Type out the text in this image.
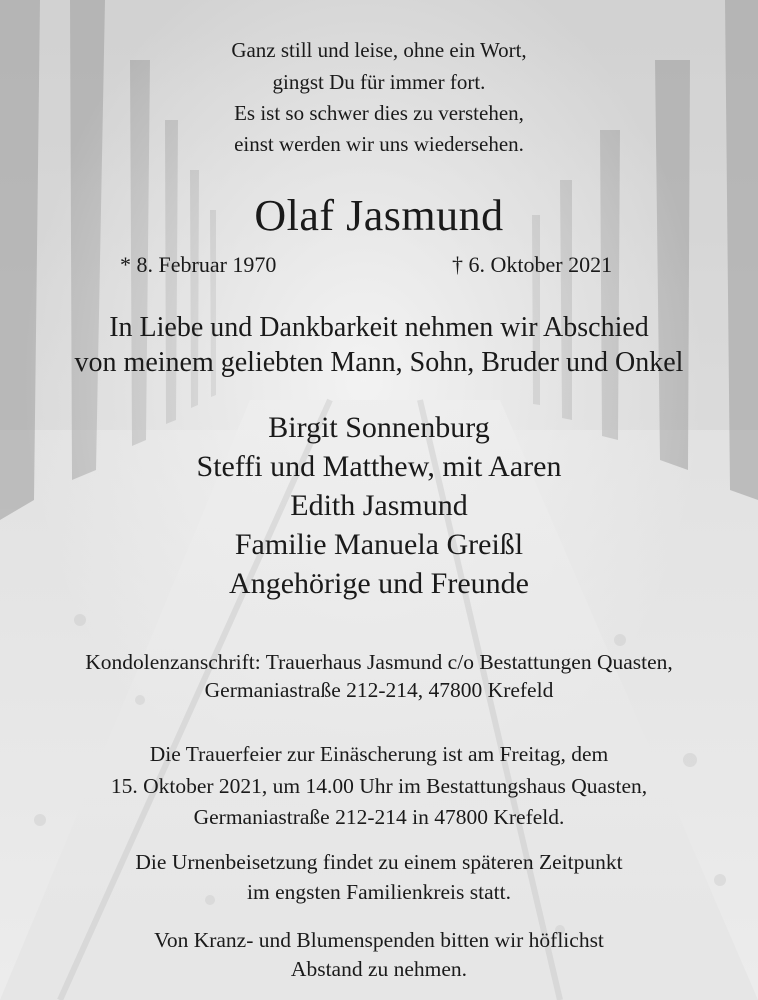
Ganz still und leise, ohne ein Wort,
gingst Du für immer fort.
Es ist so schwer dies zu verstehen,
einst werden wir uns wiedersehen.
Olaf Jasmund
* 8. Februar 1970	† 6. Oktober 2021
In Liebe und Dankbarkeit nehmen wir Abschied
von meinem geliebten Mann, Sohn, Bruder und Onkel
Birgit Sonnenburg
Steffi und Matthew, mit Aaren
Edith Jasmund
Familie Manuela Greißl
Angehörige und Freunde
Kondolenzanschrift: Trauerhaus Jasmund c/o Bestattungen Quasten,
Germaniastraße 212-214, 47800 Krefeld
Die Trauerfeier zur Einäscherung ist am Freitag, dem
15. Oktober 2021, um 14.00 Uhr im Bestattungshaus Quasten,
Germaniastraße 212-214 in 47800 Krefeld.
Die Urnenbeisetzung findet zu einem späteren Zeitpunkt
im engsten Familienkreis statt.
Von Kranz- und Blumenspenden bitten wir höflichst
Abstand zu nehmen.
